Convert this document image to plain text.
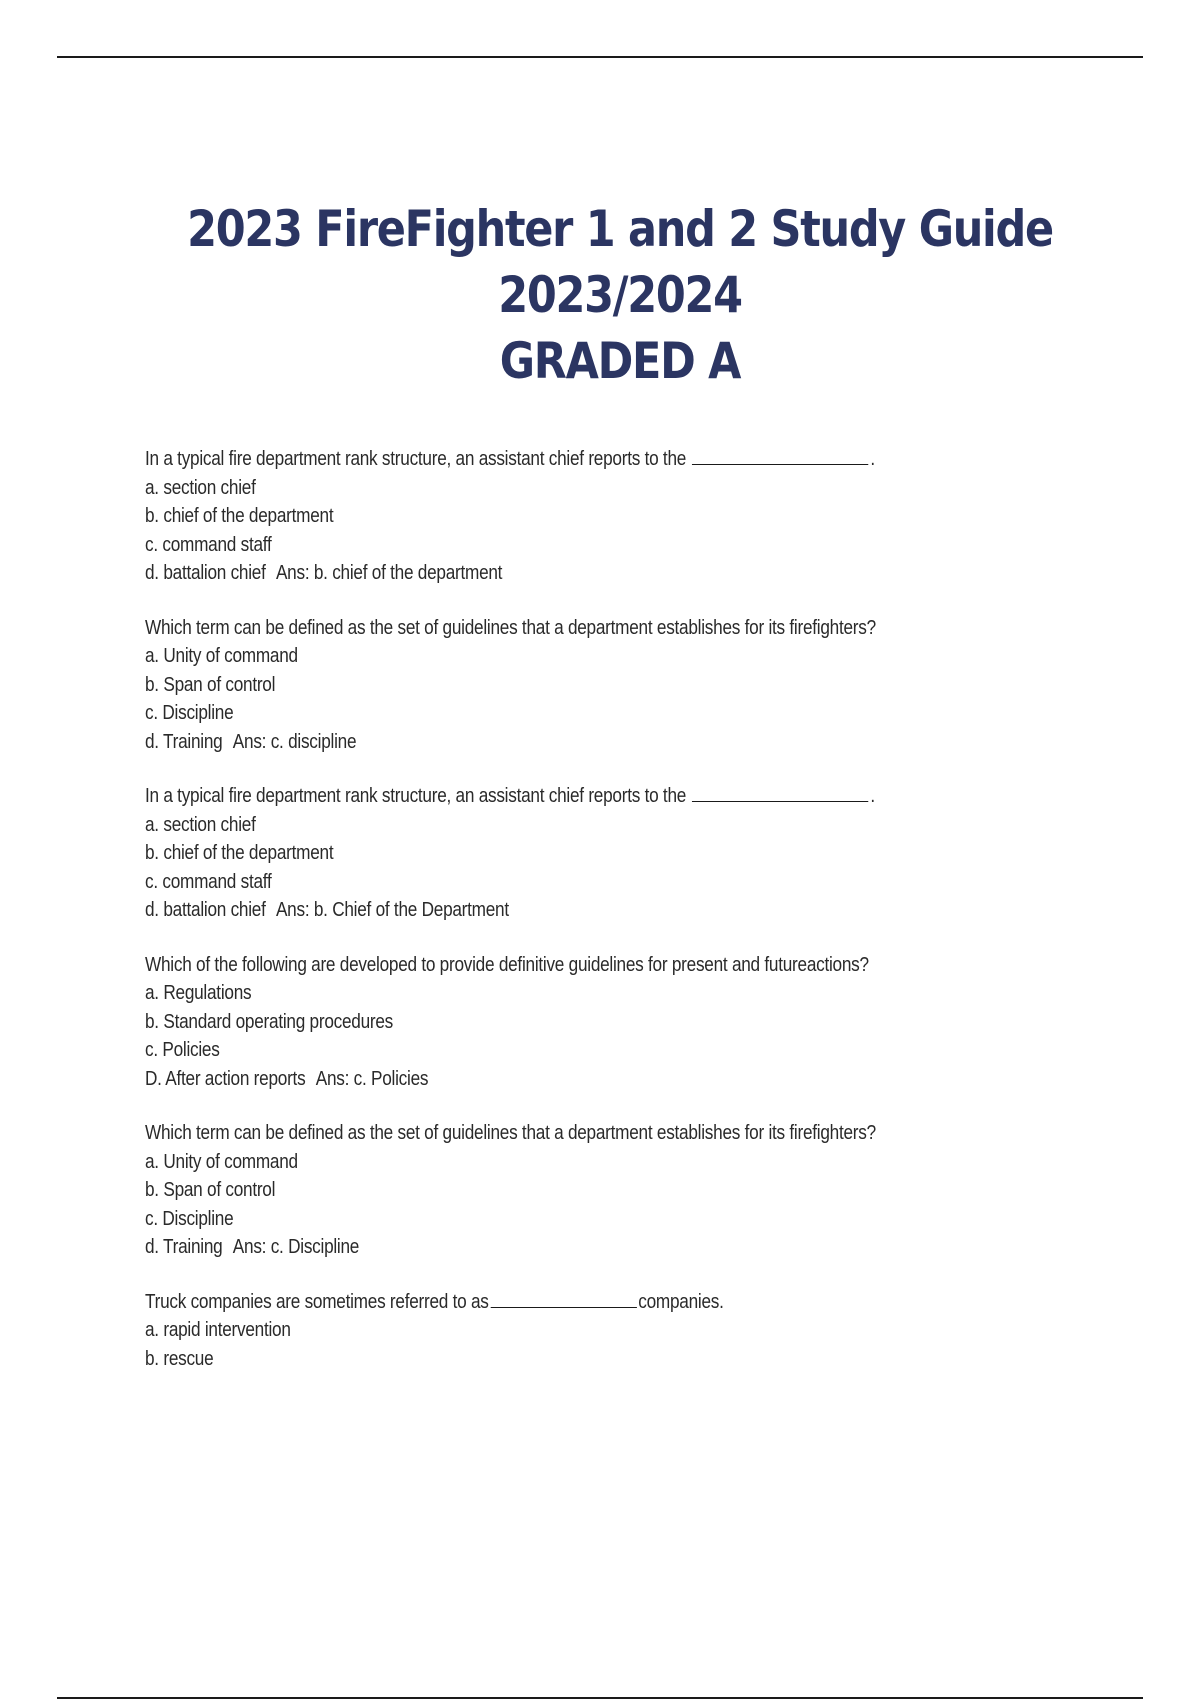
2023 FireFighter 1 and 2 Study Guide 2023/2024
GRADED A
In a typical fire department rank structure, an assistant chief reports to the	.
a. section chief
b. chief of the department
c. command staff
d. battalion chief Ans: b. chief of the department
Which term can be defined as the set of guidelines that a department establishes for its firefighters?
a. Unity of command
b. Span of control
c. Discipline
d. Training Ans: c. discipline
In a typical fire department rank structure, an assistant chief reports to the	.
a. section chief
b. chief of the department
c. command staff
d. battalion chief Ans: b. Chief of the Department
Which of the following are developed to provide definitive guidelines for present and futureactions?
a. Regulations
b. Standard operating procedures
c. Policies
D. After action reports Ans: c. Policies
Which term can be defined as the set of guidelines that a department establishes for its firefighters?
a. Unity of command
b. Span of control
c. Discipline
d. Training Ans: c. Discipline
Truck companies are sometimes referred to as	companies.
a. rapid intervention
b. rescue
